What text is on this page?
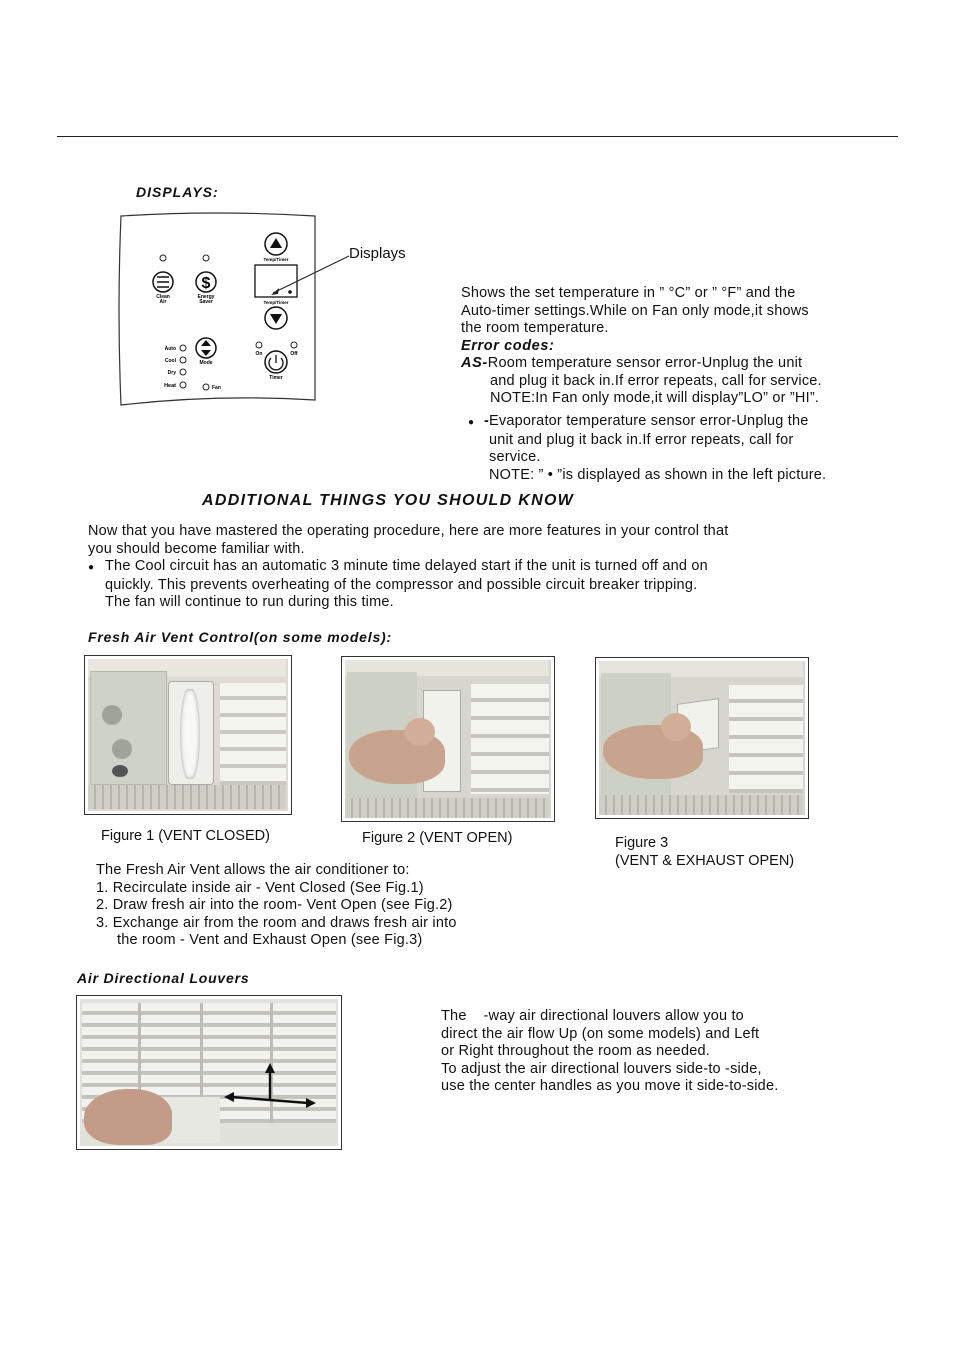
DISPLAYS:
Clean
Air
$
Energy
Saver
Temp/Timer
Temp/Timer
Auto
Cool
Dry
Heat
Mode
Fan
On	Off
Timer
Displays
Shows the set temperature in ” °C” or ” °F” and the
Auto-timer settings.While on Fan only mode,it shows
the room temperature.
Error codes:
AS-Room temperature sensor error-Unplug the unit
and plug it back in.If error repeats, call for service.
NOTE:In Fan only mode,it will display”LO” or ”HI”.
● -Evaporator temperature sensor error-Unplug the
unit and plug it back in.If error repeats, call for
service.
NOTE: ” • ”is displayed as shown in the left picture.
ADDITIONAL THINGS YOU SHOULD KNOW
Now that you have mastered the operating procedure, here are more features in your control that
you should become familiar with.
● The Cool circuit has an automatic 3 minute time delayed start if the unit is turned off and on
quickly. This prevents overheating of the compressor and possible circuit breaker tripping.
The fan will continue to run during this time.
Fresh Air Vent Control(on some models):
Figure 1 (VENT CLOSED)	Figure 2 (VENT OPEN)	Figure 3
(VENT & EXHAUST OPEN)
The Fresh Air Vent allows the air conditioner to:
1. Recirculate inside air - Vent Closed (See Fig.1)
2. Draw fresh air into the room- Vent Open (see Fig.2)
3. Exchange air from the room and draws fresh air into
the room - Vent and Exhaust Open (see Fig.3)
Air Directional Louvers
The    -way air directional louvers allow you to
direct the air flow Up (on some models) and Left
or Right throughout the room as needed.
To adjust the air directional louvers side-to -side,
use the center handles as you move it side-to-side.
